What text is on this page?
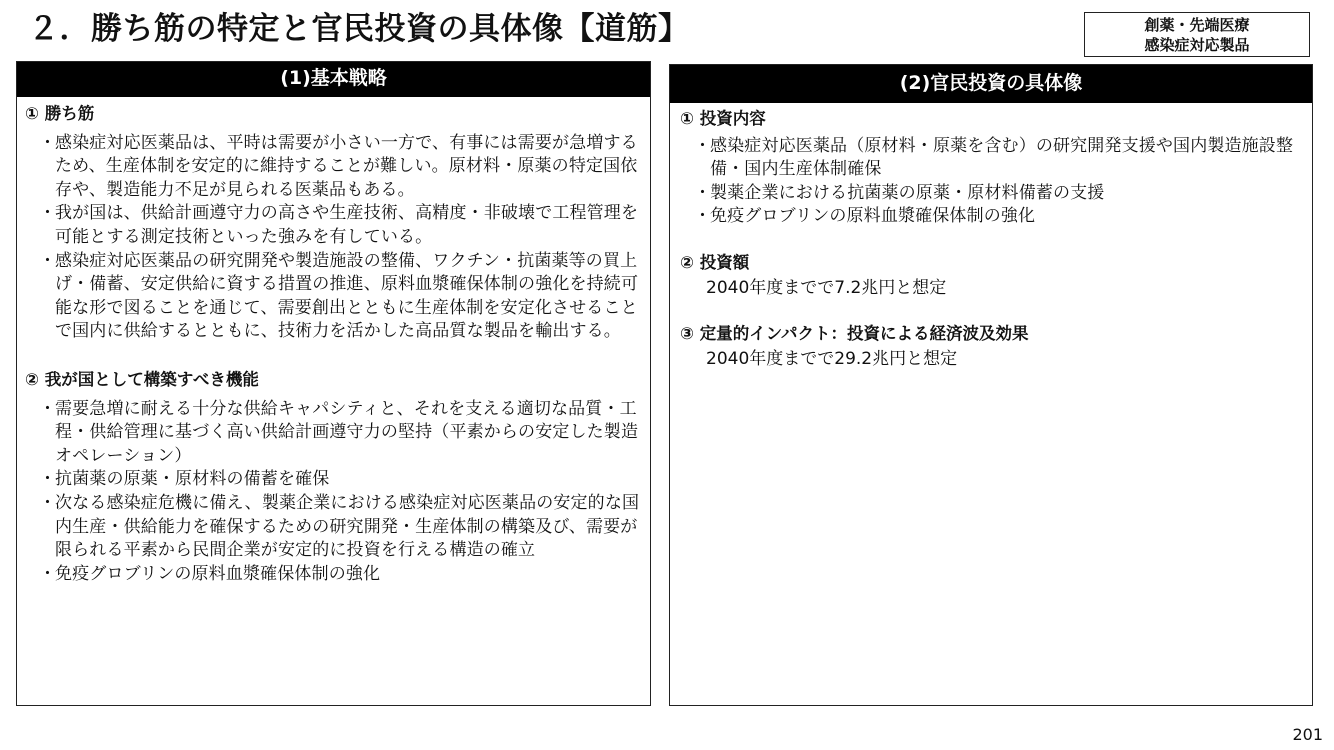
２．勝ち筋の特定と官民投資の具体像【道筋】	創薬・先端医療
感染症対応製品
(1)基本戦略
① 勝ち筋
・
感染症対応医薬品は、平時は需要が小さい一方で、有事には需要が急増するため、生産体制を安定的に維持することが難しい。原材料・原薬の特定国依存や、製造能力不足が見られる医薬品もある。
・
我が国は、供給計画遵守力の高さや生産技術、高精度・非破壊で工程管理を可能とする測定技術といった強みを有している。
・
感染症対応医薬品の研究開発や製造施設の整備、ワクチン・抗菌薬等の買上げ・備蓄、安定供給に資する措置の推進、原料血漿確保体制の強化を持続可能な形で図ることを通じて、需要創出とともに生産体制を安定化させることで国内に供給するとともに、技術力を活かした高品質な製品を輸出する。
② 我が国として構築すべき機能
・
需要急増に耐える十分な供給キャパシティと、それを支える適切な品質・工程・供給管理に基づく高い供給計画遵守力の堅持（平素からの安定した製造オペレーション）
・
抗菌薬の原薬・原材料の備蓄を確保
・
次なる感染症危機に備え、製薬企業における感染症対応医薬品の安定的な国内生産・供給能力を確保するための研究開発・生産体制の構築及び、需要が限られる平素から民間企業が安定的に投資を行える構造の確立
・
免疫グロブリンの原料血漿確保体制の強化
(2)官民投資の具体像
① 投資内容
・
感染症対応医薬品（原材料・原薬を含む）の研究開発支援や国内製造施設整備・国内生産体制確保
・
製薬企業における抗菌薬の原薬・原材料備蓄の支援
・
免疫グロブリンの原料血漿確保体制の強化
② 投資額
2040年度までで7.2兆円と想定
③ 定量的インパクト：投資による経済波及効果
2040年度までで29.2兆円と想定
201
